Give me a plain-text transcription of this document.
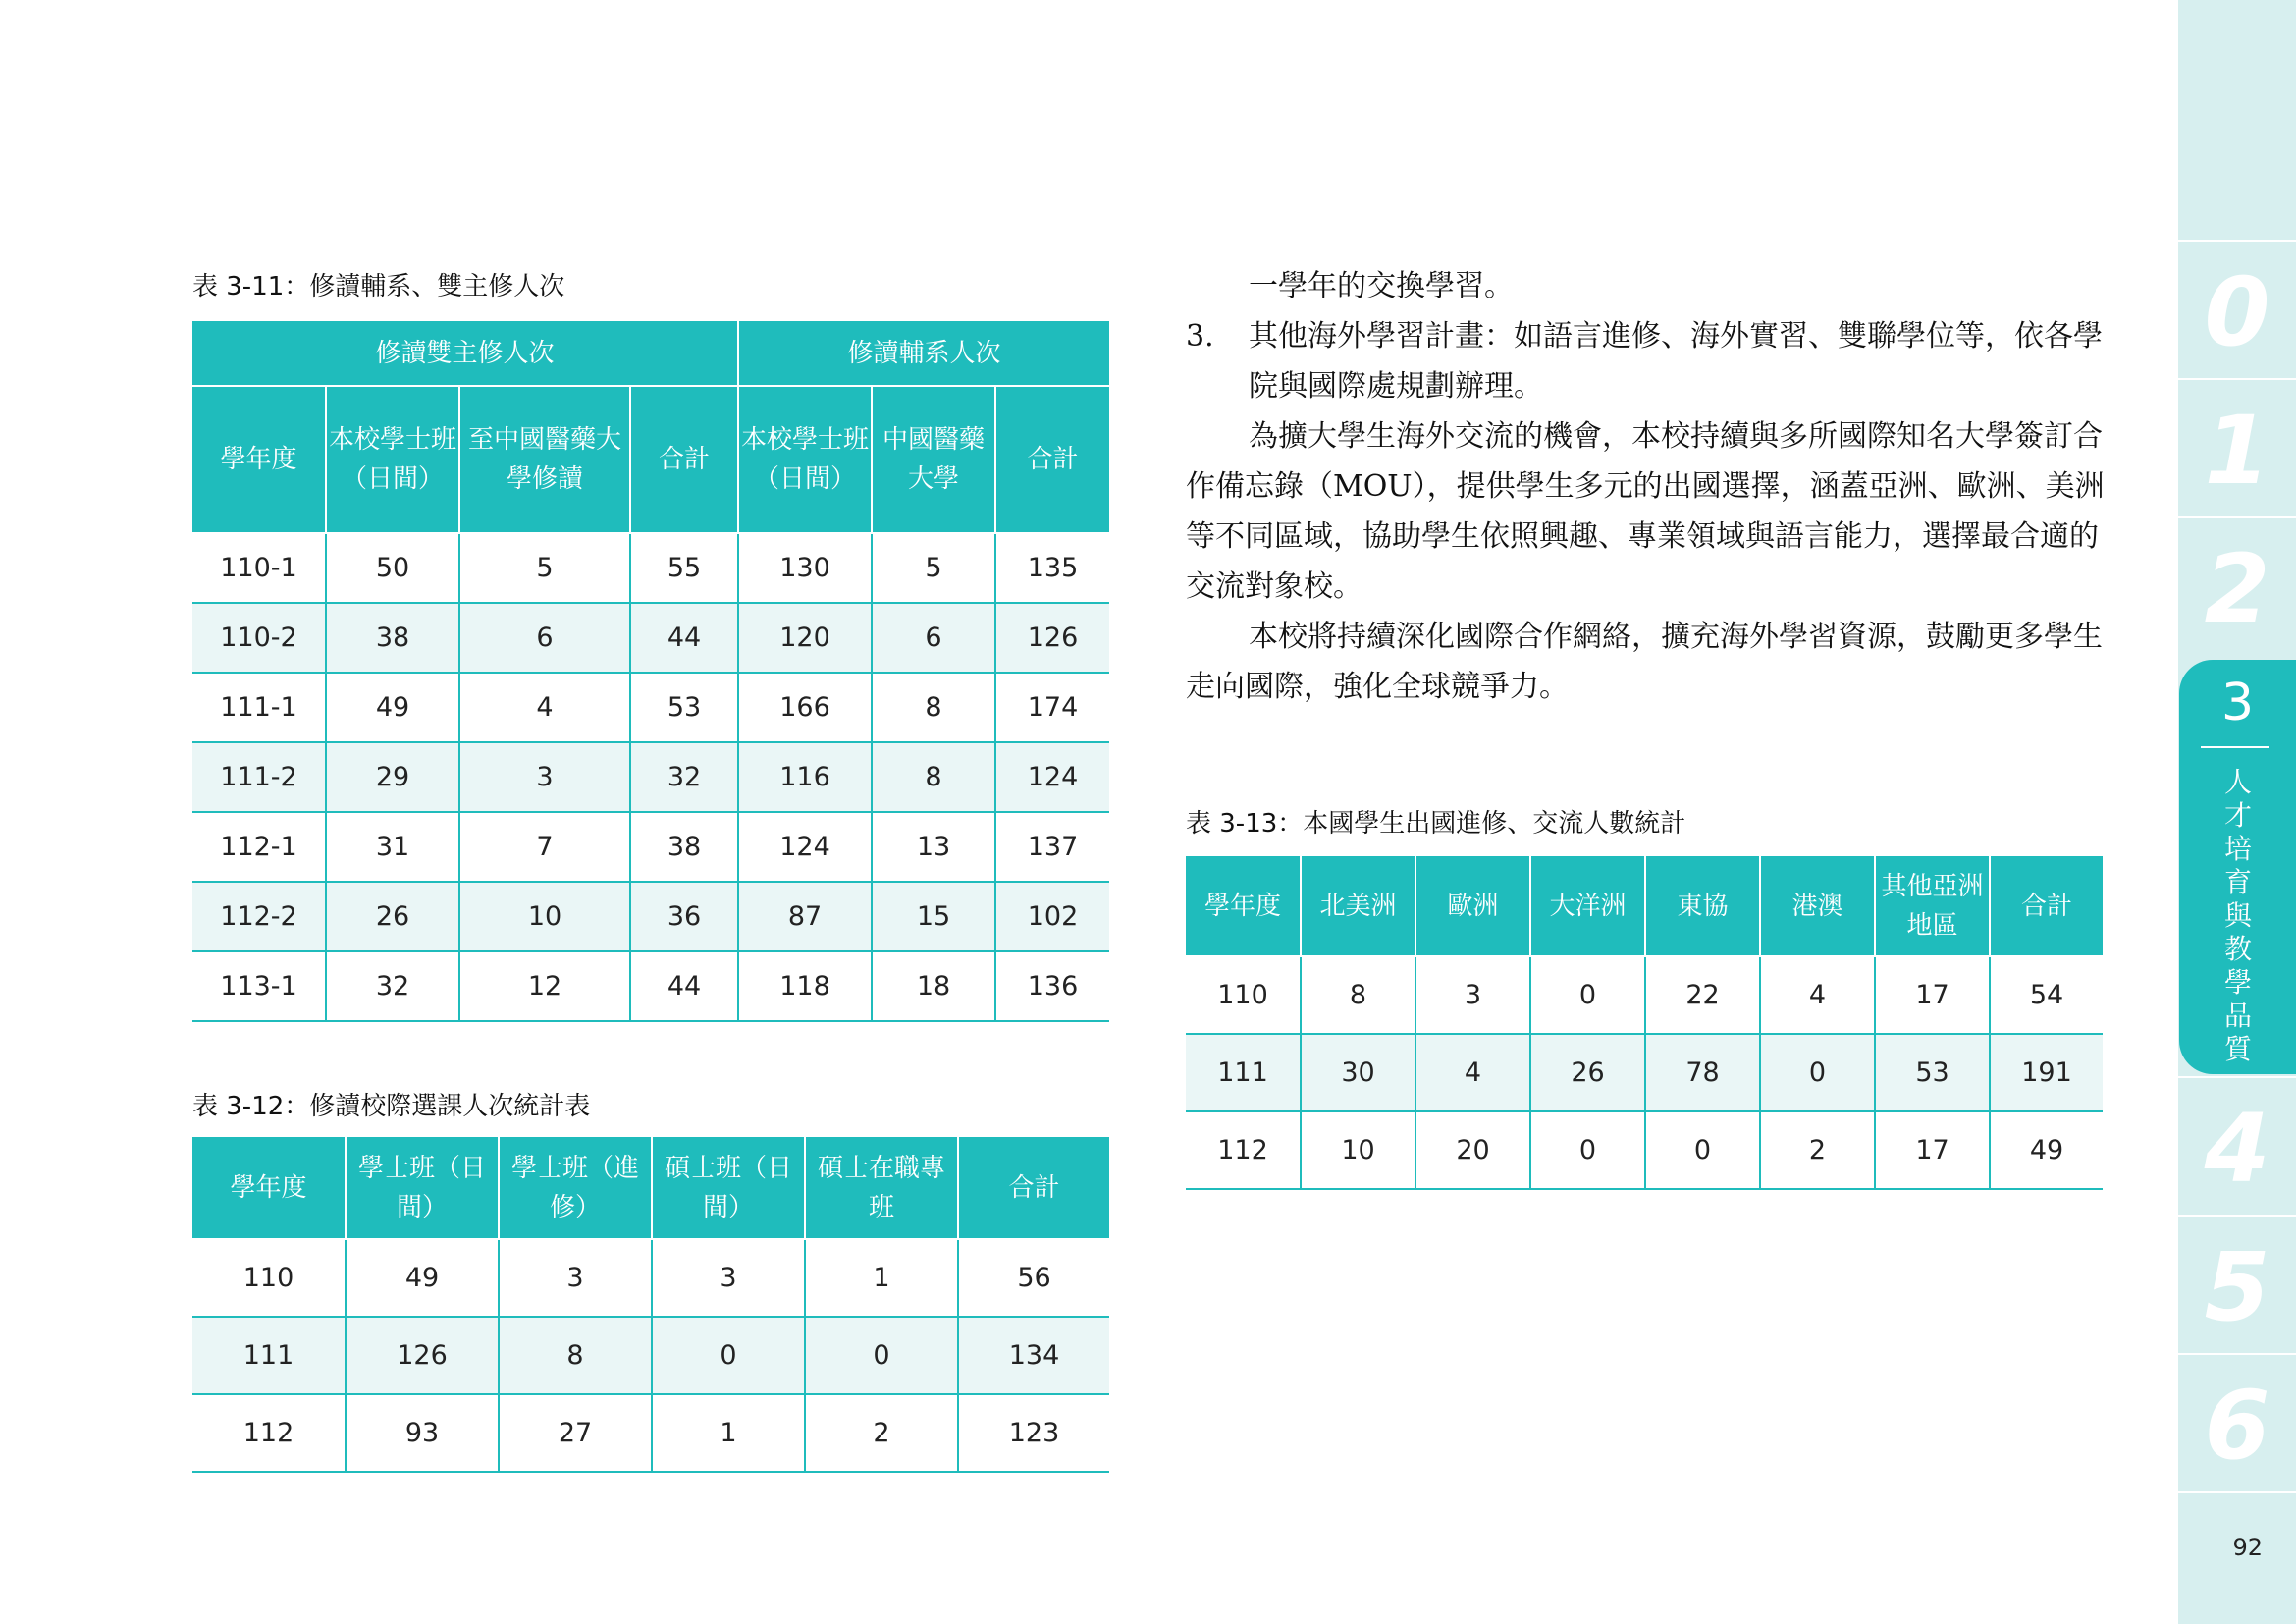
表 3-11：修讀輔系、雙主修人次
修讀雙主修人次				修讀輔系人次		
學年度	本校學士班（日間）	至中國醫藥大學修讀	合計	本校學士班（日間）	中國醫藥大學	合計
110-1	50	5	55	130	5	135
110-2	38	6	44	120	6	126
111-1	49	4	53	166	8	174
111-2	29	3	32	116	8	124
112-1	31	7	38	124	13	137
112-2	26	10	36	87	15	102
113-1	32	12	44	118	18	136
表 3-12：修讀校際選課人次統計表
學年度	學士班（日間）	學士班（進修）	碩士班（日間）	碩士在職專班	合計
110	49	3	3	1	56
111	126	8	0	0	134
112	93	27	1	2	123

一學年的交換學習。

3. 其他海外學習計畫：如語言進修、海外實習、雙聯學位等，依各學院與國際處規劃辦理。

為擴大學生海外交流的機會，本校持續與多所國際知名大學簽訂合作備忘錄（MOU），提供學生多元的出國選擇，涵蓋亞洲、歐洲、美洲等不同區域，協助學生依照興趣、專業領域與語言能力，選擇最合適的交流對象校。

本校將持續深化國際合作網絡，擴充海外學習資源，鼓勵更多學生走向國際，強化全球競爭力。

表 3-13：本國學生出國進修、交流人數統計
學年度	北美洲	歐洲	大洋洲	東協	港澳	其他亞洲地區	合計
110	8	3	0	22	4	17	54
111	30	4	26	78	0	53	191
112	10	20	0	0	2	17	49
0
1
2
4
5
6
3
人才培育與教學品質
92
